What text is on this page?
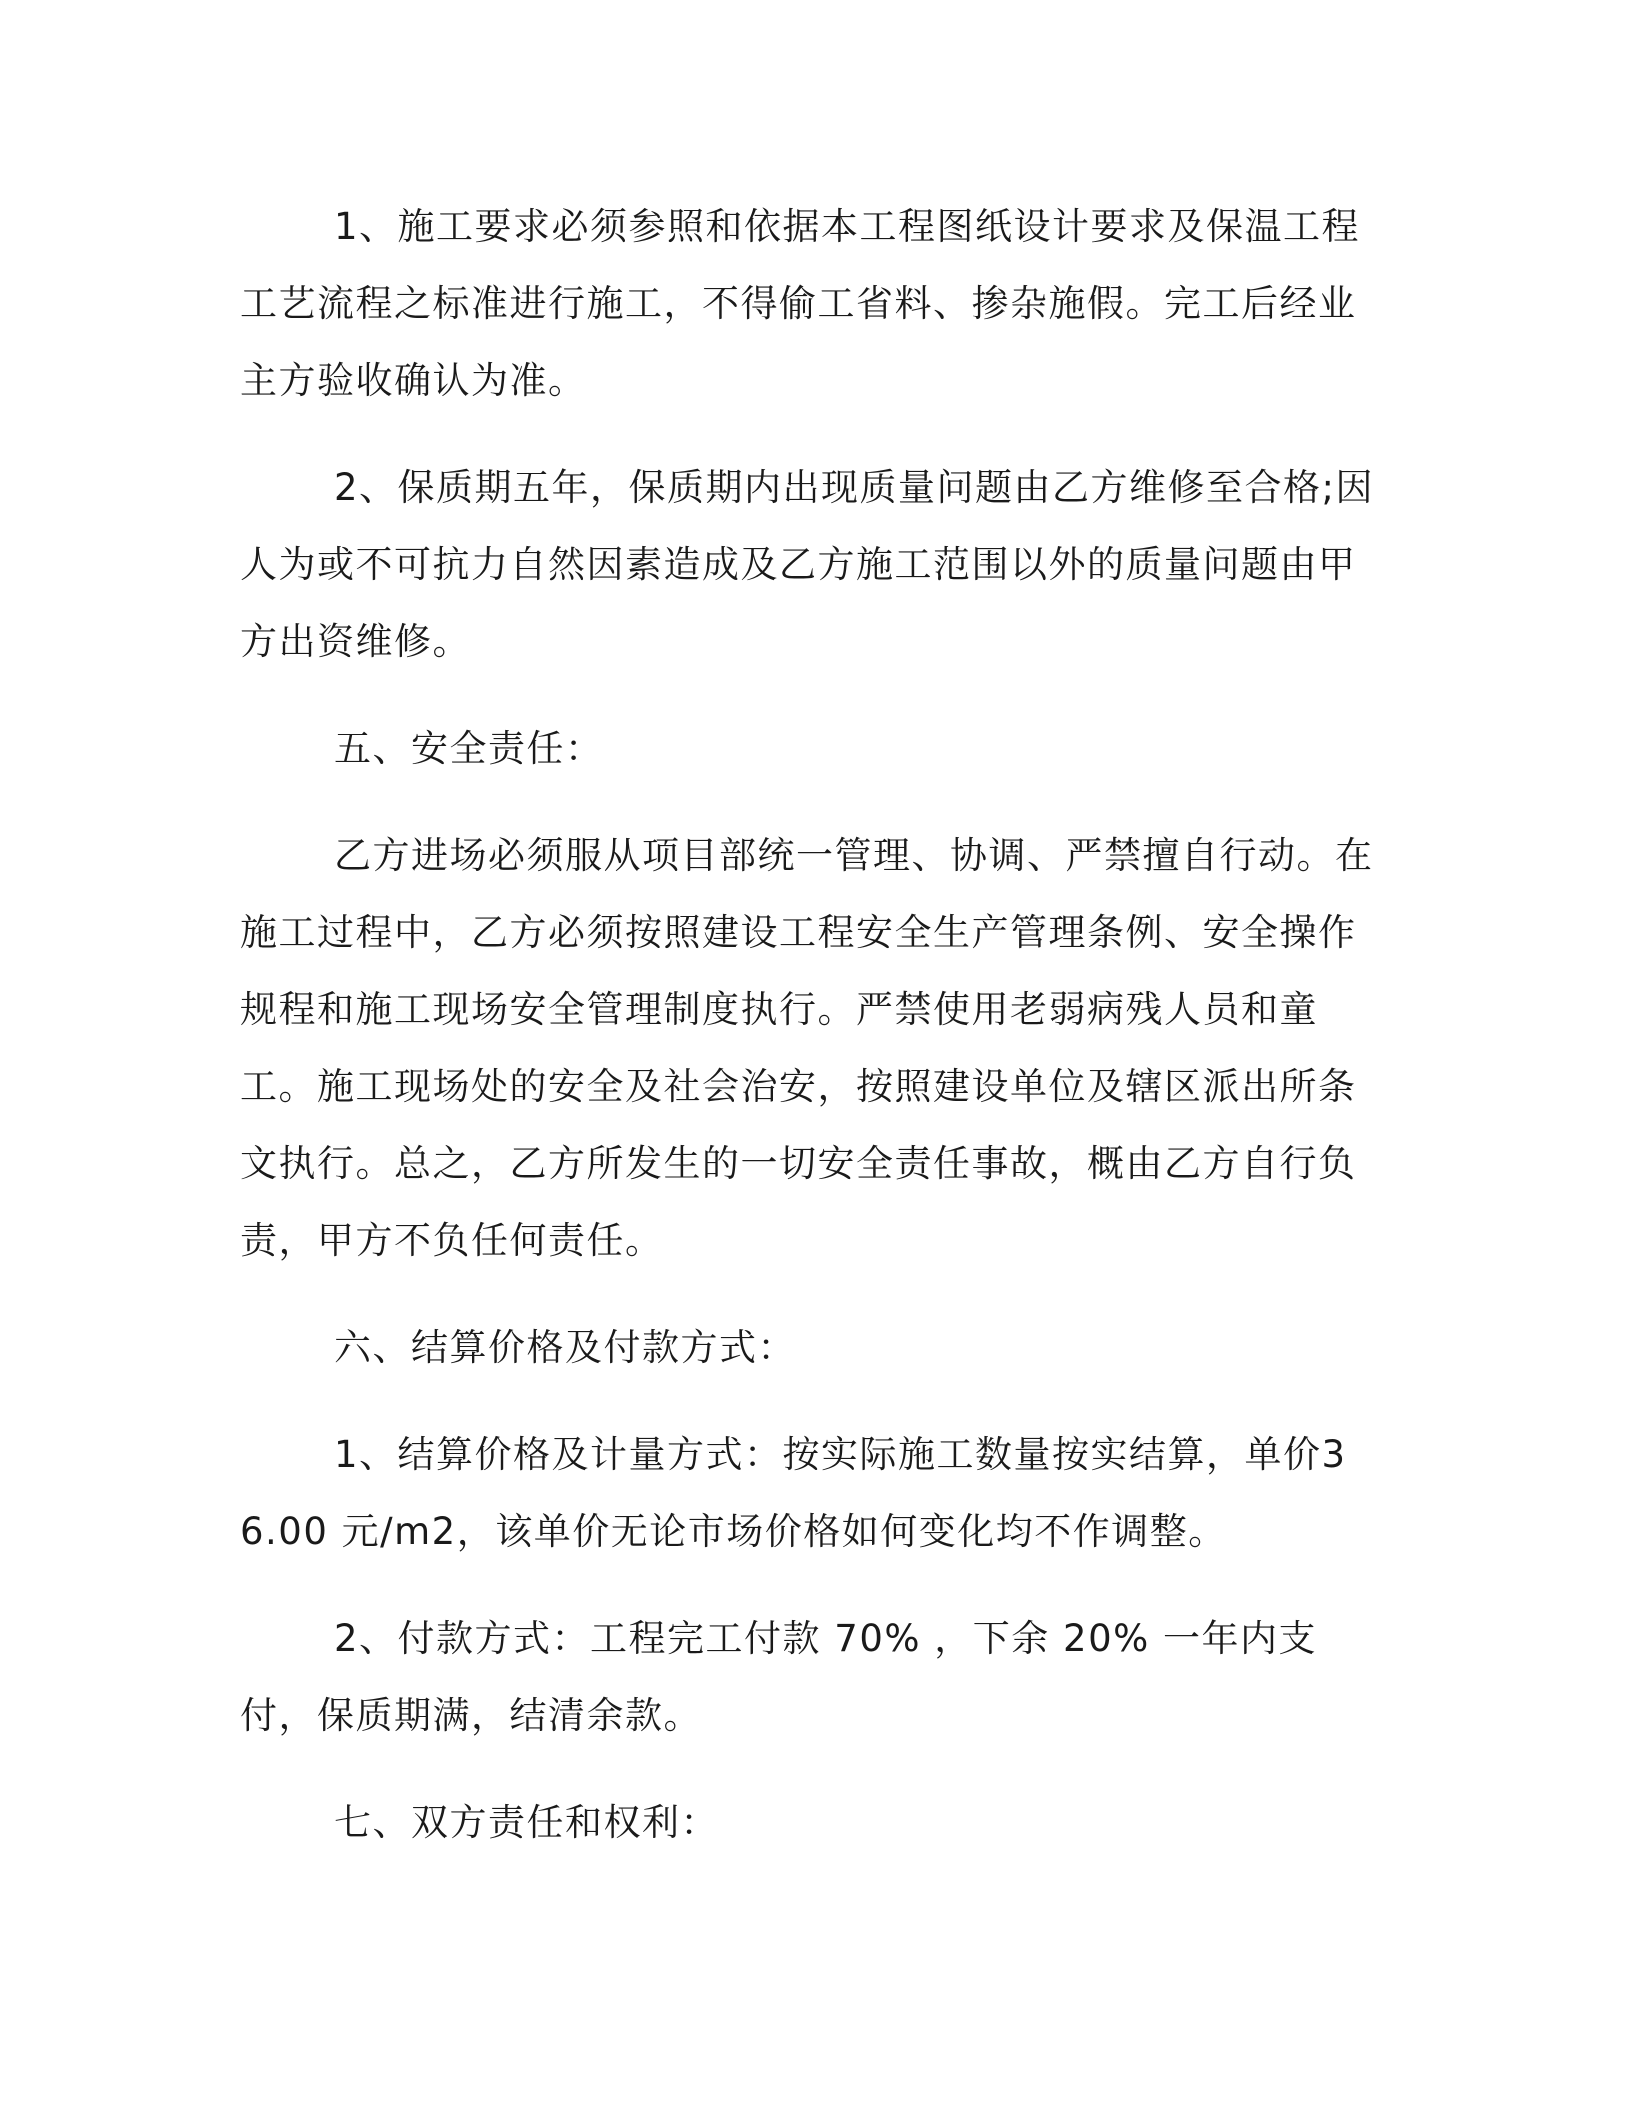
1、施工要求必须参照和依据本工程图纸设计要求及保温工程工艺流程之标准进行施工，不得偷工省料、掺杂施假。完工后经业主方验收确认为准。

2、保质期五年，保质期内出现质量问题由乙方维修至合格;因人为或不可抗力自然因素造成及乙方施工范围以外的质量问题由甲方出资维修。

五、安全责任：

乙方进场必须服从项目部统一管理、协调、严禁擅自行动。在施工过程中，乙方必须按照建设工程安全生产管理条例、安全操作规程和施工现场安全管理制度执行。严禁使用老弱病残人员和童工。施工现场处的安全及社会治安，按照建设单位及辖区派出所条文执行。总之，乙方所发生的一切安全责任事故，概由乙方自行负责，甲方不负任何责任。

六、结算价格及付款方式：

1、结算价格及计量方式：按实际施工数量按实结算，单价36.00 元/m2，该单价无论市场价格如何变化均不作调整。

2、付款方式：工程完工付款 70% ，下余 20% 一年内支付，保质期满，结清余款。

七、双方责任和权利：
